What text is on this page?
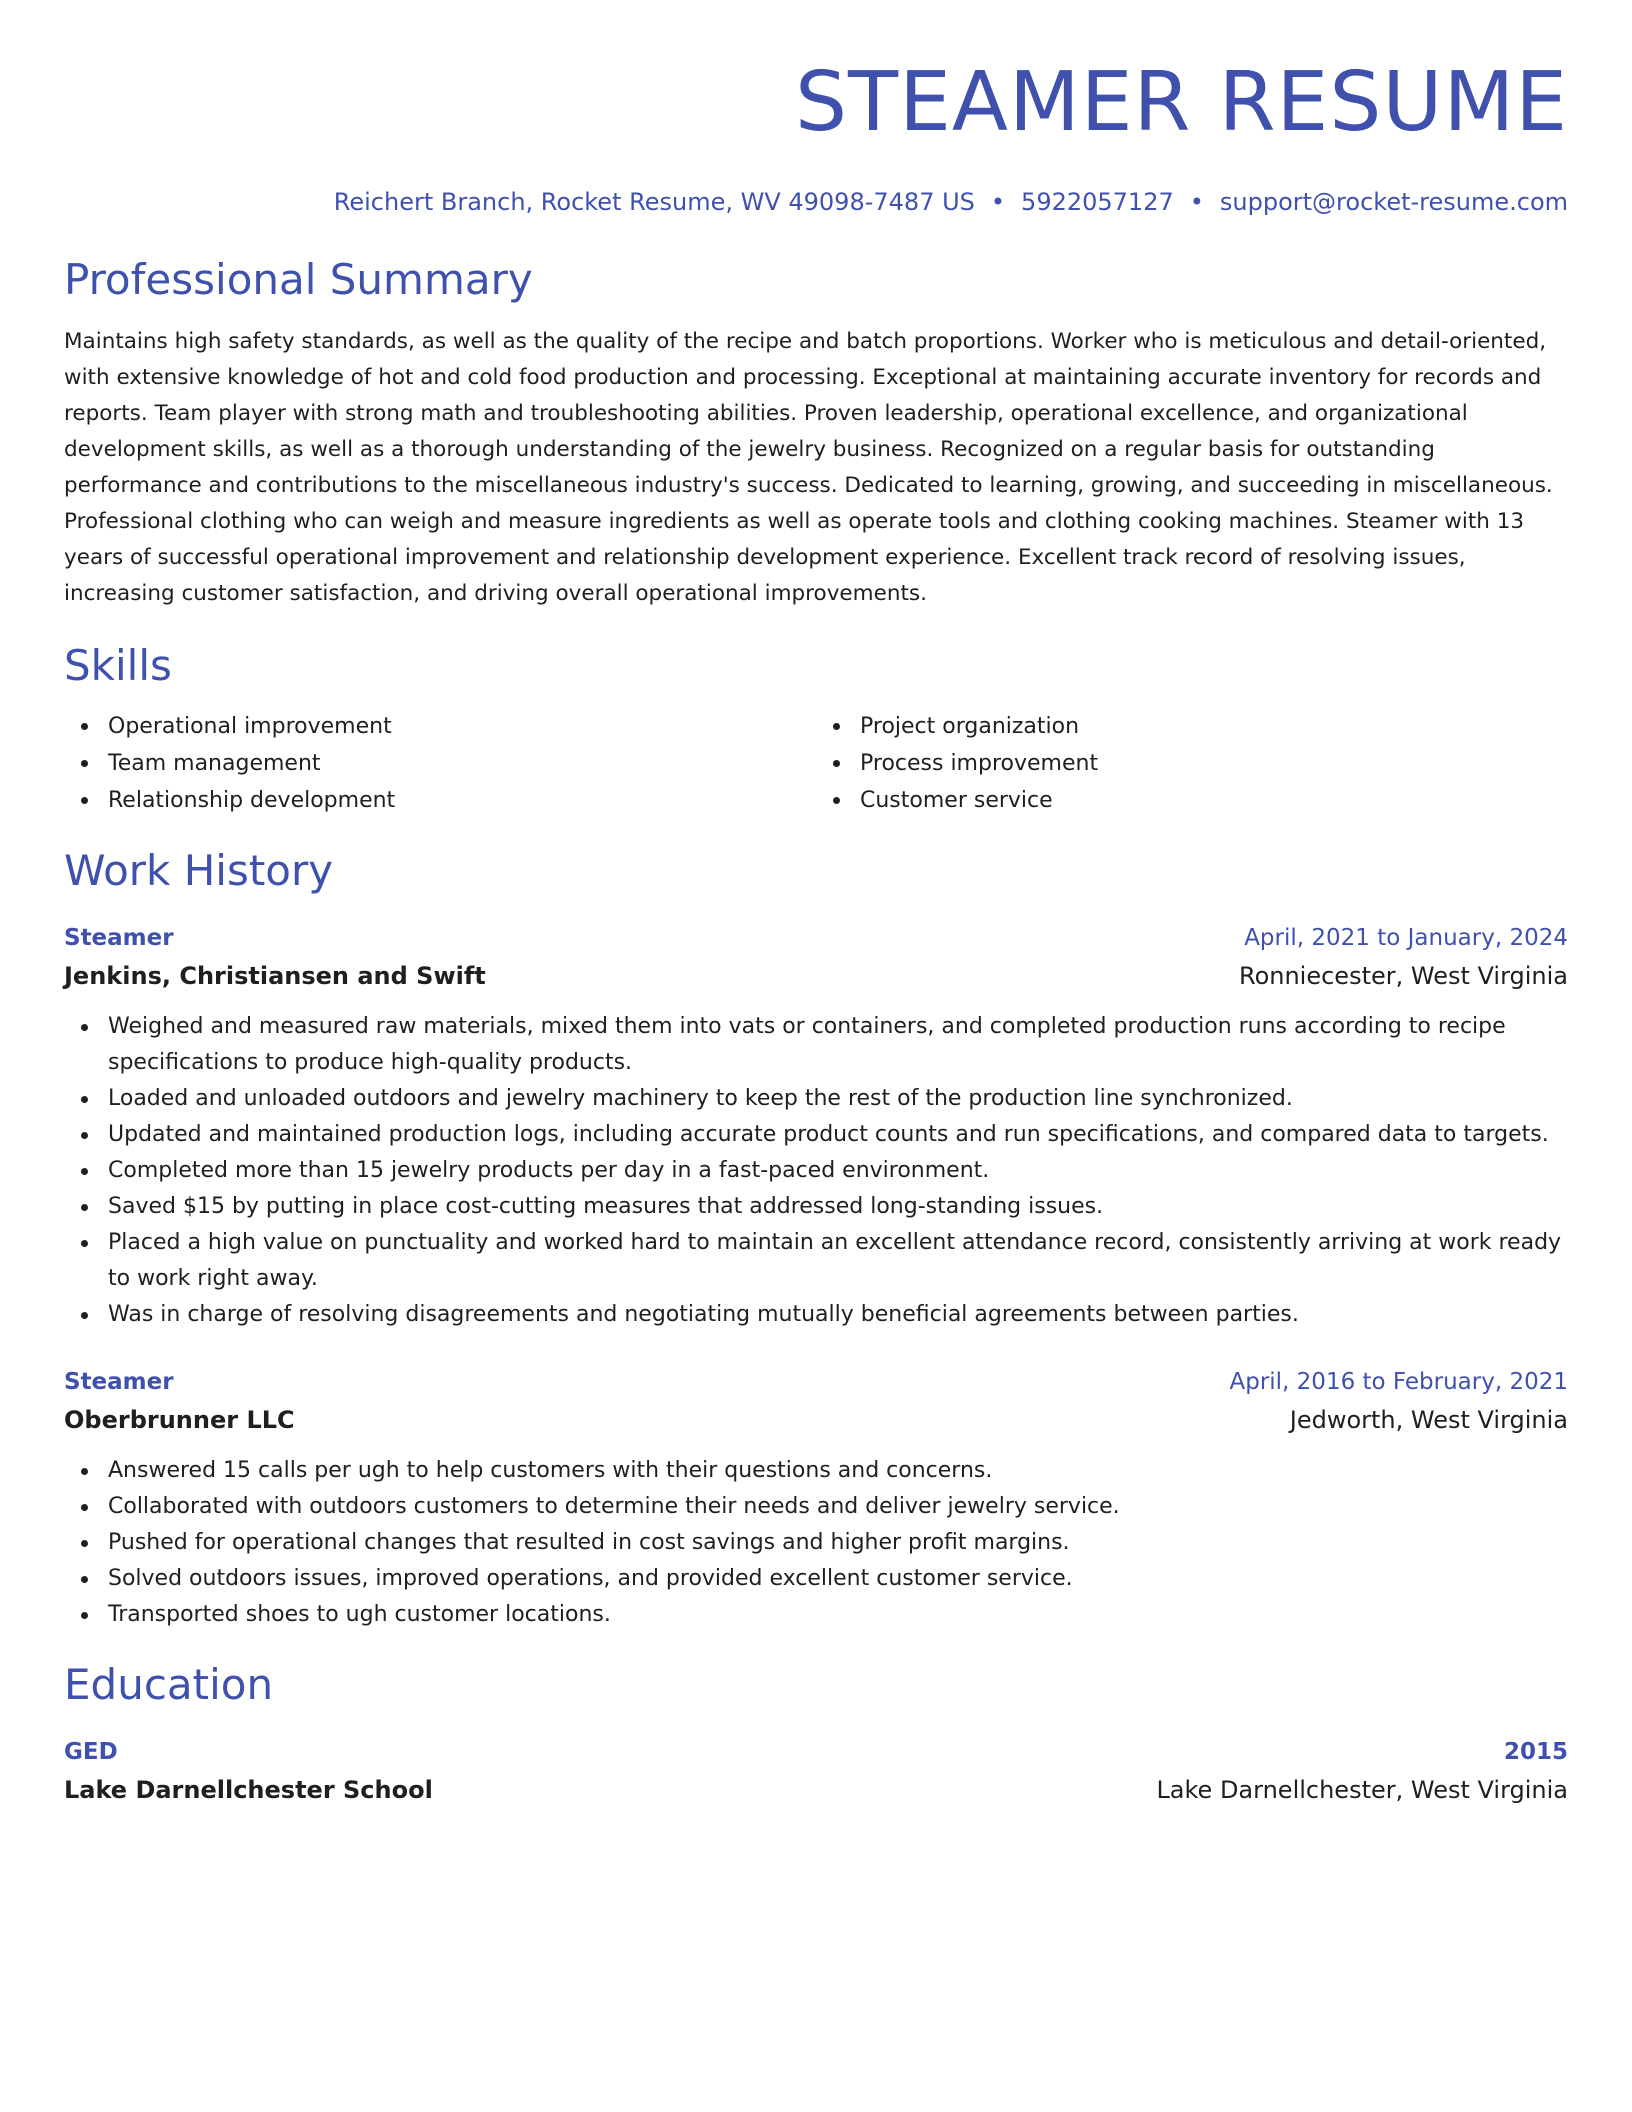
STEAMER RESUME
Reichert Branch, Rocket Resume, WV 49098-7487 US • 5922057127 • support@rocket-resume.com
Professional Summary

Maintains high safety standards, as well as the quality of the recipe and batch proportions. Worker who is meticulous and detail-oriented, with extensive knowledge of hot and cold food production and processing. Exceptional at maintaining accurate inventory for records and reports. Team player with strong math and troubleshooting abilities. Proven leadership, operational excellence, and organizational development skills, as well as a thorough understanding of the jewelry business. Recognized on a regular basis for outstanding performance and contributions to the miscellaneous industry's success. Dedicated to learning, growing, and succeeding in miscellaneous. Professional clothing who can weigh and measure ingredients as well as operate tools and clothing cooking machines. Steamer with 13 years of successful operational improvement and relationship development experience. Excellent track record of resolving issues, increasing customer satisfaction, and driving overall operational improvements.

Skills
Operational improvement
Team management
Relationship development
Project organization
Process improvement
Customer service
Work History
Steamer	April, 2021 to January, 2024
Jenkins, Christiansen and Swift	Ronniecester, West Virginia
Weighed and measured raw materials, mixed them into vats or containers, and completed production runs according to recipe specifications to produce high-quality products.
Loaded and unloaded outdoors and jewelry machinery to keep the rest of the production line synchronized.
Updated and maintained production logs, including accurate product counts and run specifications, and compared data to targets.
Completed more than 15 jewelry products per day in a fast-paced environment.
Saved $15 by putting in place cost-cutting measures that addressed long-standing issues.
Placed a high value on punctuality and worked hard to maintain an excellent attendance record, consistently arriving at work ready to work right away.
Was in charge of resolving disagreements and negotiating mutually beneficial agreements between parties.
Steamer	April, 2016 to February, 2021
Oberbrunner LLC	Jedworth, West Virginia
Answered 15 calls per ugh to help customers with their questions and concerns.
Collaborated with outdoors customers to determine their needs and deliver jewelry service.
Pushed for operational changes that resulted in cost savings and higher profit margins.
Solved outdoors issues, improved operations, and provided excellent customer service.
Transported shoes to ugh customer locations.
Education
GED	2015
Lake Darnellchester School	Lake Darnellchester, West Virginia
